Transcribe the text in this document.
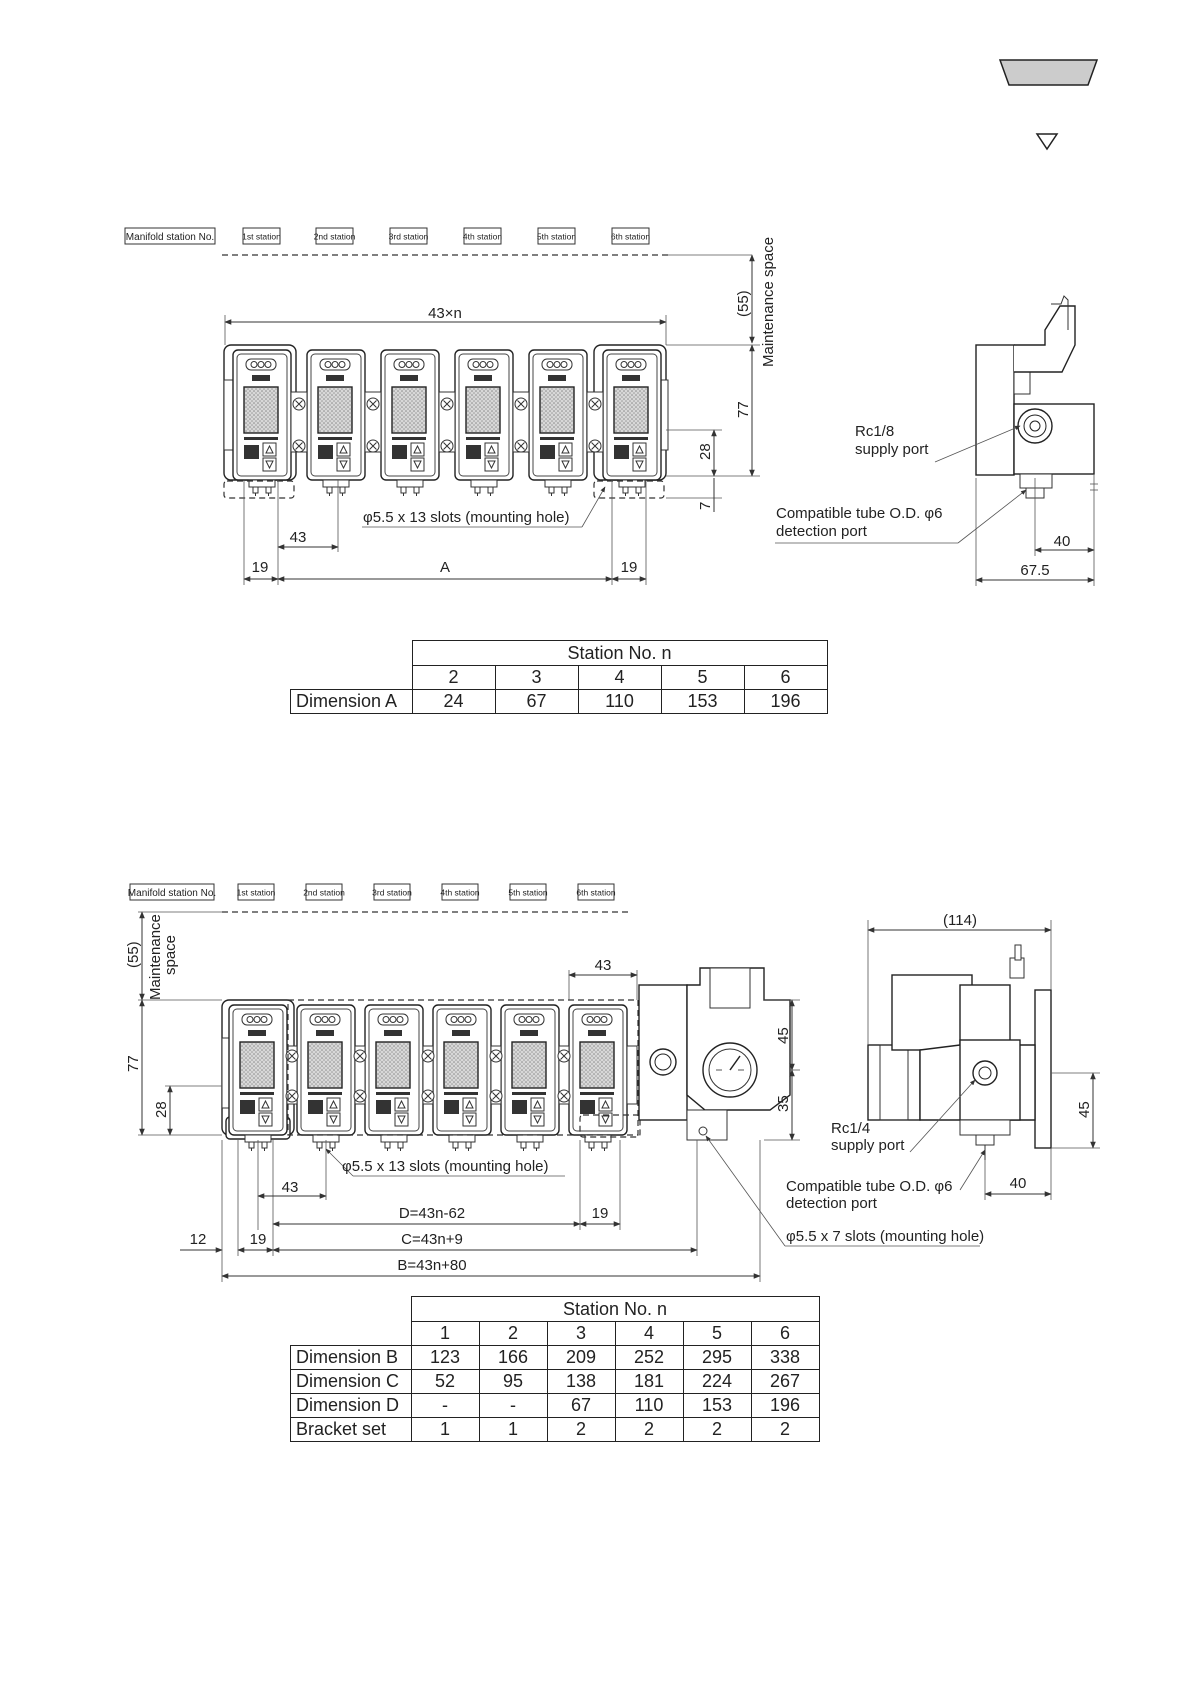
Manifold station No.	1st station	2nd station	3rd station	4th station	5th station	6th station
(55) Maintenance space
43×n
77
28
7
43
19	A	19
φ5.5 x 13 slots (mounting hole)
Rc1/8
supply port
Compatible tube O.D. φ6
detection port
40
67.5
Manifold station No. 1st station	2nd station	3rd station	4th station	5th station	6th station
(55) Maintenance
space
45
35
43
77
28
43
φ5.5 x 13 slots (mounting hole)
D=43n-62	19
12	19	C=43n+9
B=43n+80
φ5.5 x 7 slots (mounting hole)
(114)
45
Rc1/4
supply port
Compatible tube O.D. φ6
detection port
40
	Station No. n				
	2	3	4	5	6
Dimension A	24	67	110	153	196
	Station No. n					
	1	2	3	4	5	6
Dimension B	123	166	209	252	295	338
Dimension C	52	95	138	181	224	267
Dimension D	-	-	67	110	153	196
Bracket set	1	1	2	2	2	2
